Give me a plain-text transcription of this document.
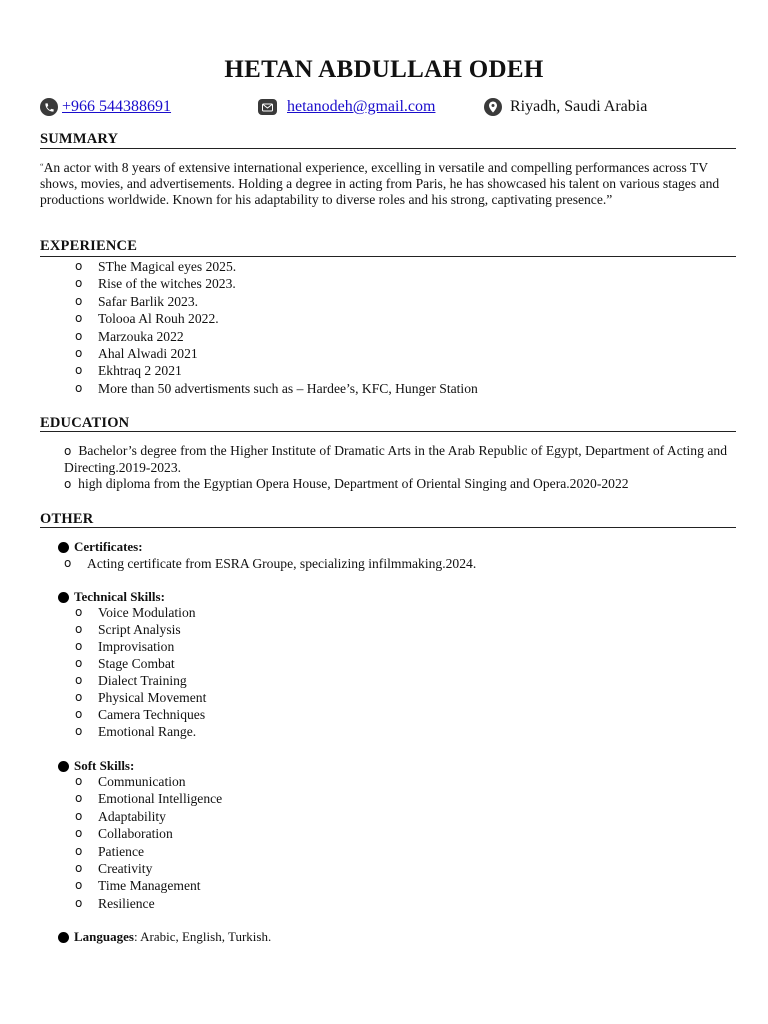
HETAN ABDULLAH ODEH
+966 544388691	hetanodeh@gmail.com	Riyadh, Saudi Arabia
SUMMARY
“An actor with 8 years of extensive international experience, excelling in versatile and compelling performances across TV shows, movies, and advertisements. Holding a degree in acting from Paris, he has showcased his talent on various stages and productions worldwide. Known for his adaptability to diverse roles and his strong, captivating presence.”
EXPERIENCE
o SThe Magical eyes 2025.
o Rise of the witches 2023.
o Safar Barlik 2023.
o Tolooa Al Rouh 2022.
o Marzouka 2022
o Ahal Alwadi 2021
o Ekhtraq 2 2021
o More than 50 advertisments such as – Hardee’s, KFC, Hunger Station
EDUCATION

o Bachelor’s degree from the Higher Institute of Dramatic Arts in the Arab Republic of Egypt, Department of Acting and Directing.2019-2023.

o high diploma from the Egyptian Opera House, Department of Oriental Singing and Opera.2020-2022

OTHER
Certificates:
o Acting certificate from ESRA Groupe, specializing infilmmaking.2024.
Technical Skills:
o Voice Modulation
o Script Analysis
o Improvisation
o Stage Combat
o Dialect Training
o Physical Movement
o Camera Techniques
o Emotional Range.
Soft Skills:
o Communication
o Emotional Intelligence
o Adaptability
o Collaboration
o Patience
o Creativity
o Time Management
o Resilience
Languages : Arabic, English, Turkish.
